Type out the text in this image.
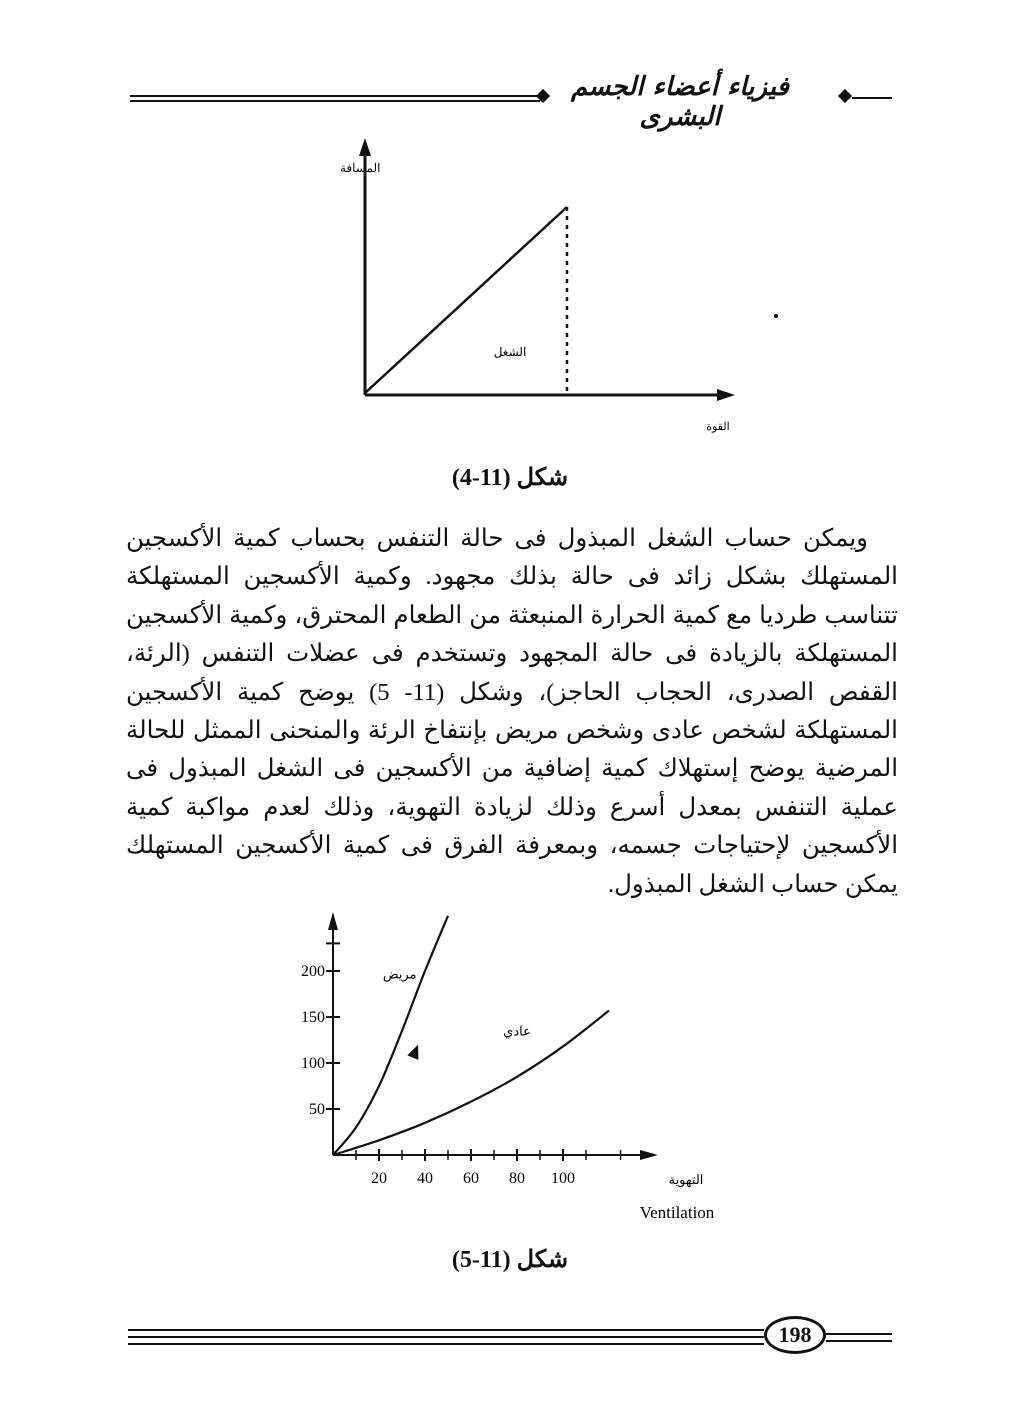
فيزياء أعضاء الجسم البشرى
المسافة
الشغل
القوة
شكل (11-4)

ويمكن حساب الشغل المبذول فى حالة التنفس بحساب كمية الأكسجين المستهلك بشكل زائد فى حالة بذلك مجهود. وكمية الأكسجين المستهلكة تتناسب طرديا مع كمية الحرارة المنبعثة من الطعام المحترق، وكمية الأكسجين المستهلكة بالزيادة فى حالة المجهود وتستخدم فى عضلات التنفس (الرئة، القفص الصدرى، الحجاب الحاجز)، وشكل (11- 5) يوضح كمية الأكسجين المستهلكة لشخص عادى وشخص مريض بإنتفاخ الرئة والمنحنى الممثل للحالة المرضية يوضح إستهلاك كمية إضافية من الأكسجين فى الشغل المبذول فى عملية التنفس بمعدل أسرع وذلك لزيادة التهوية، وذلك لعدم مواكبة كمية الأكسجين لإحتياجات جسمه، وبمعرفة الفرق فى كمية الأكسجين المستهلك يمكن حساب الشغل المبذول.

20 40 60 80 100
50
100
150
200	مريض
عادي
التهوية
Ventilation
شكل (11-5)
198
